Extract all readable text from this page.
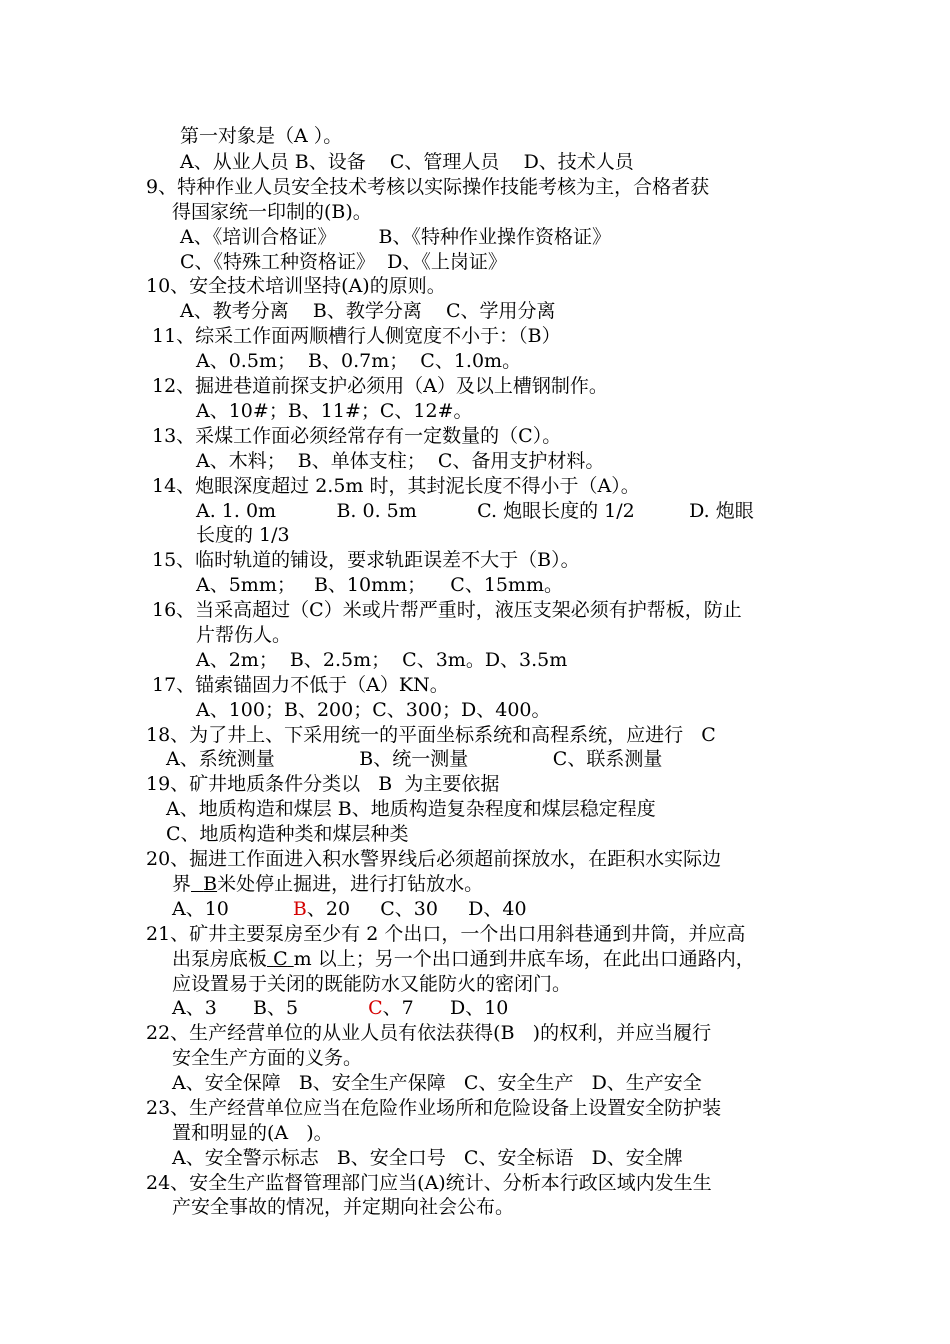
第一对象是（A ）。
A、从业人员 B、设备    C、管理人员    D、技术人员
9、特种作业人员安全技术考核以实际操作技能考核为主，合格者获
得国家统一印制的(B)。
A、《培训合格证》       B、《特种作业操作资格证》
C、《特殊工种资格证》  D、《上岗证》
10、安全技术培训坚持(A)的原则。
A、教考分离    B、教学分离    C、学用分离
11、综采工作面两顺槽行人侧宽度不小于：（B）
A、0.5m；  B、0.7m；  C、1.0m。
12、掘进巷道前探支护必须用（A）及以上槽钢制作。
A、10#；B、11#；C、12#。
13、采煤工作面必须经常存有一定数量的（C）。
A、木料；  B、单体支柱；  C、备用支护材料。
14、炮眼深度超过 2.5m 时，其封泥长度不得小于（A）。
A. 1. 0m          B. 0. 5m          C. 炮眼长度的 1/2         D. 炮眼
长度的 1/3
15、临时轨道的铺设，要求轨距误差不大于（B）。
A、5mm；   B、10mm；    C、15mm。
16、当采高超过（C）米或片帮严重时，液压支架必须有护帮板，防止
片帮伤人。
A、2m；  B、2.5m；  C、3m。D、3.5m
17、锚索锚固力不低于（A）KN。
A、100；B、200；C、300；D、400。
18、为了井上、下采用统一的平面坐标系统和高程系统，应进行   C
A、系统测量              B、统一测量              C、联系测量
19、矿井地质条件分类以   B  为主要依据
A、地质构造和煤层 B、地质构造复杂程度和煤层稳定程度
C、地质构造种类和煤层种类
20、掘进工作面进入积水警界线后必须超前探放水，在距积水实际边
界 B米处停止掘进，进行打钻放水。
A、10	B、20     C、30     D、40
21、矿井主要泵房至少有 2 个出口，一个出口用斜巷通到井筒，并应高
出泵房底板 C m 以上；另一个出口通到井底车场，在此出口通路内，
应设置易于关闭的既能防水又能防火的密闭门。
A、3      B、5	C、7      D、10
22、生产经营单位的从业人员有依法获得(B   )的权利，并应当履行
安全生产方面的义务。
A、安全保障   B、安全生产保障   C、安全生产   D、生产安全
23、生产经营单位应当在危险作业场所和危险设备上设置安全防护装
置和明显的(A   )。
A、安全警示标志   B、安全口号   C、安全标语   D、安全牌
24、安全生产监督管理部门应当(A)统计、分析本行政区域内发生生
产安全事故的情况，并定期向社会公布。
